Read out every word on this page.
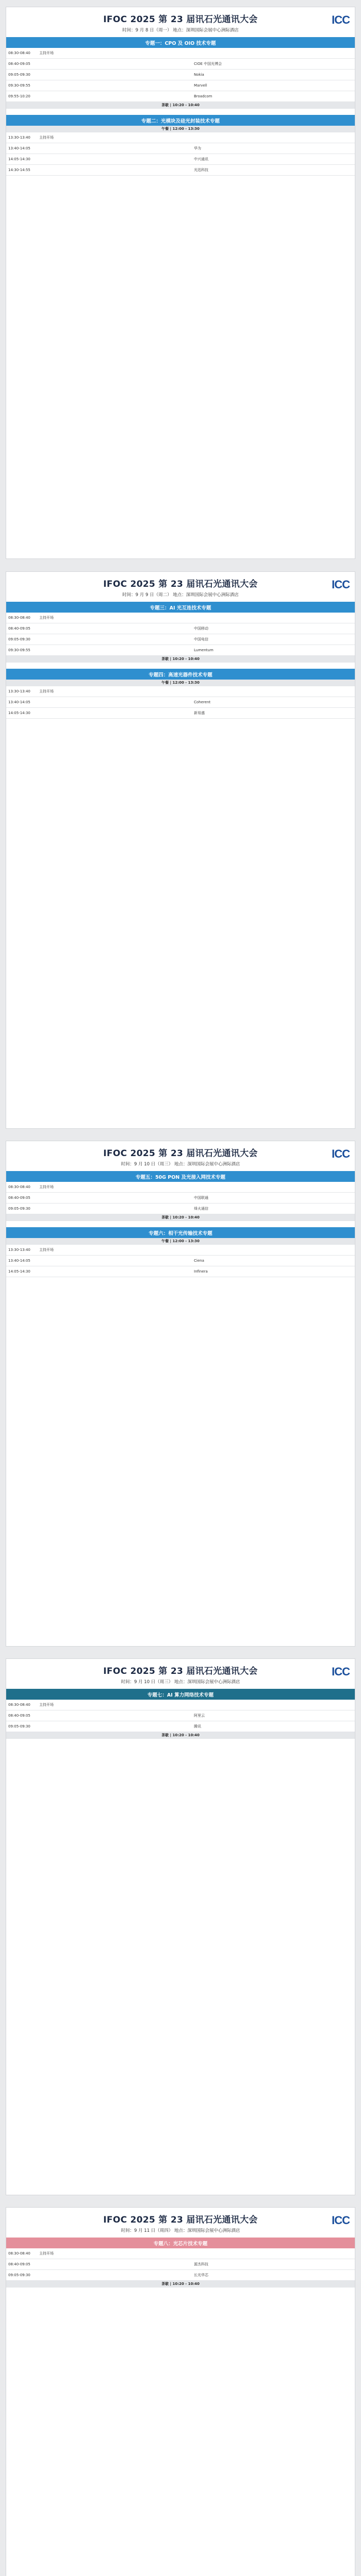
IFOC 2025 第 23 届讯石光通讯大会
时间：9 月 8 日（周一） 地点：深圳国际会展中心洲际酒店
ICC
专题一：CPO 及 OIO 技术专题
08:30-08:40	主持开场		
08:40-09:05		CIOE 中国光博会	
09:05-09:30		Nokia	
09:30-09:55		Marvell	
09:55-10:20		Broadcom	
茶歇 | 10:20 - 10:40			
专题二：光模块及硅光封装技术专题
午餐 | 12:00 - 13:30			
13:30-13:40	主持开场		
13:40-14:05		华为	
14:05-14:30		中兴通讯	
14:30-14:55		光迅科技	
IFOC 2025 第 23 届讯石光通讯大会
时间：9 月 9 日（周二） 地点：深圳国际会展中心洲际酒店
ICC
专题三：AI 光互连技术专题
08:30-08:40	主持开场		
08:40-09:05		中国移动	
09:05-09:30		中国电信	
09:30-09:55		Lumentum	
茶歇 | 10:20 - 10:40			
专题四：高速光器件技术专题
午餐 | 12:00 - 13:30			
13:30-13:40	主持开场		
13:40-14:05		Coherent	
14:05-14:30		新易盛	
IFOC 2025 第 23 届讯石光通讯大会
时间：9 月 10 日（周三） 地点：深圳国际会展中心洲际酒店
ICC
专题五：50G PON 及光接入网技术专题
08:30-08:40	主持开场		
08:40-09:05		中国联通	
09:05-09:30		烽火通信	
茶歇 | 10:20 - 10:40			
专题六：相干光传输技术专题
午餐 | 12:00 - 13:30			
13:30-13:40	主持开场		
13:40-14:05		Ciena	
14:05-14:30		Infinera	
IFOC 2025 第 23 届讯石光通讯大会
时间：9 月 10 日（周三） 地点：深圳国际会展中心洲际酒店
ICC
专题七：AI 算力网络技术专题
08:30-08:40	主持开场		
08:40-09:05		阿里云	
09:05-09:30		腾讯	
茶歇 | 10:20 - 10:40			
IFOC 2025 第 23 届讯石光通讯大会
时间：9 月 11 日（周四） 地点：深圳国际会展中心洲际酒店
ICC
专题八：光芯片技术专题
08:30-08:40	主持开场		
08:40-09:05		源杰科技	
09:05-09:30		长光华芯	
茶歇 | 10:20 - 10:40			
